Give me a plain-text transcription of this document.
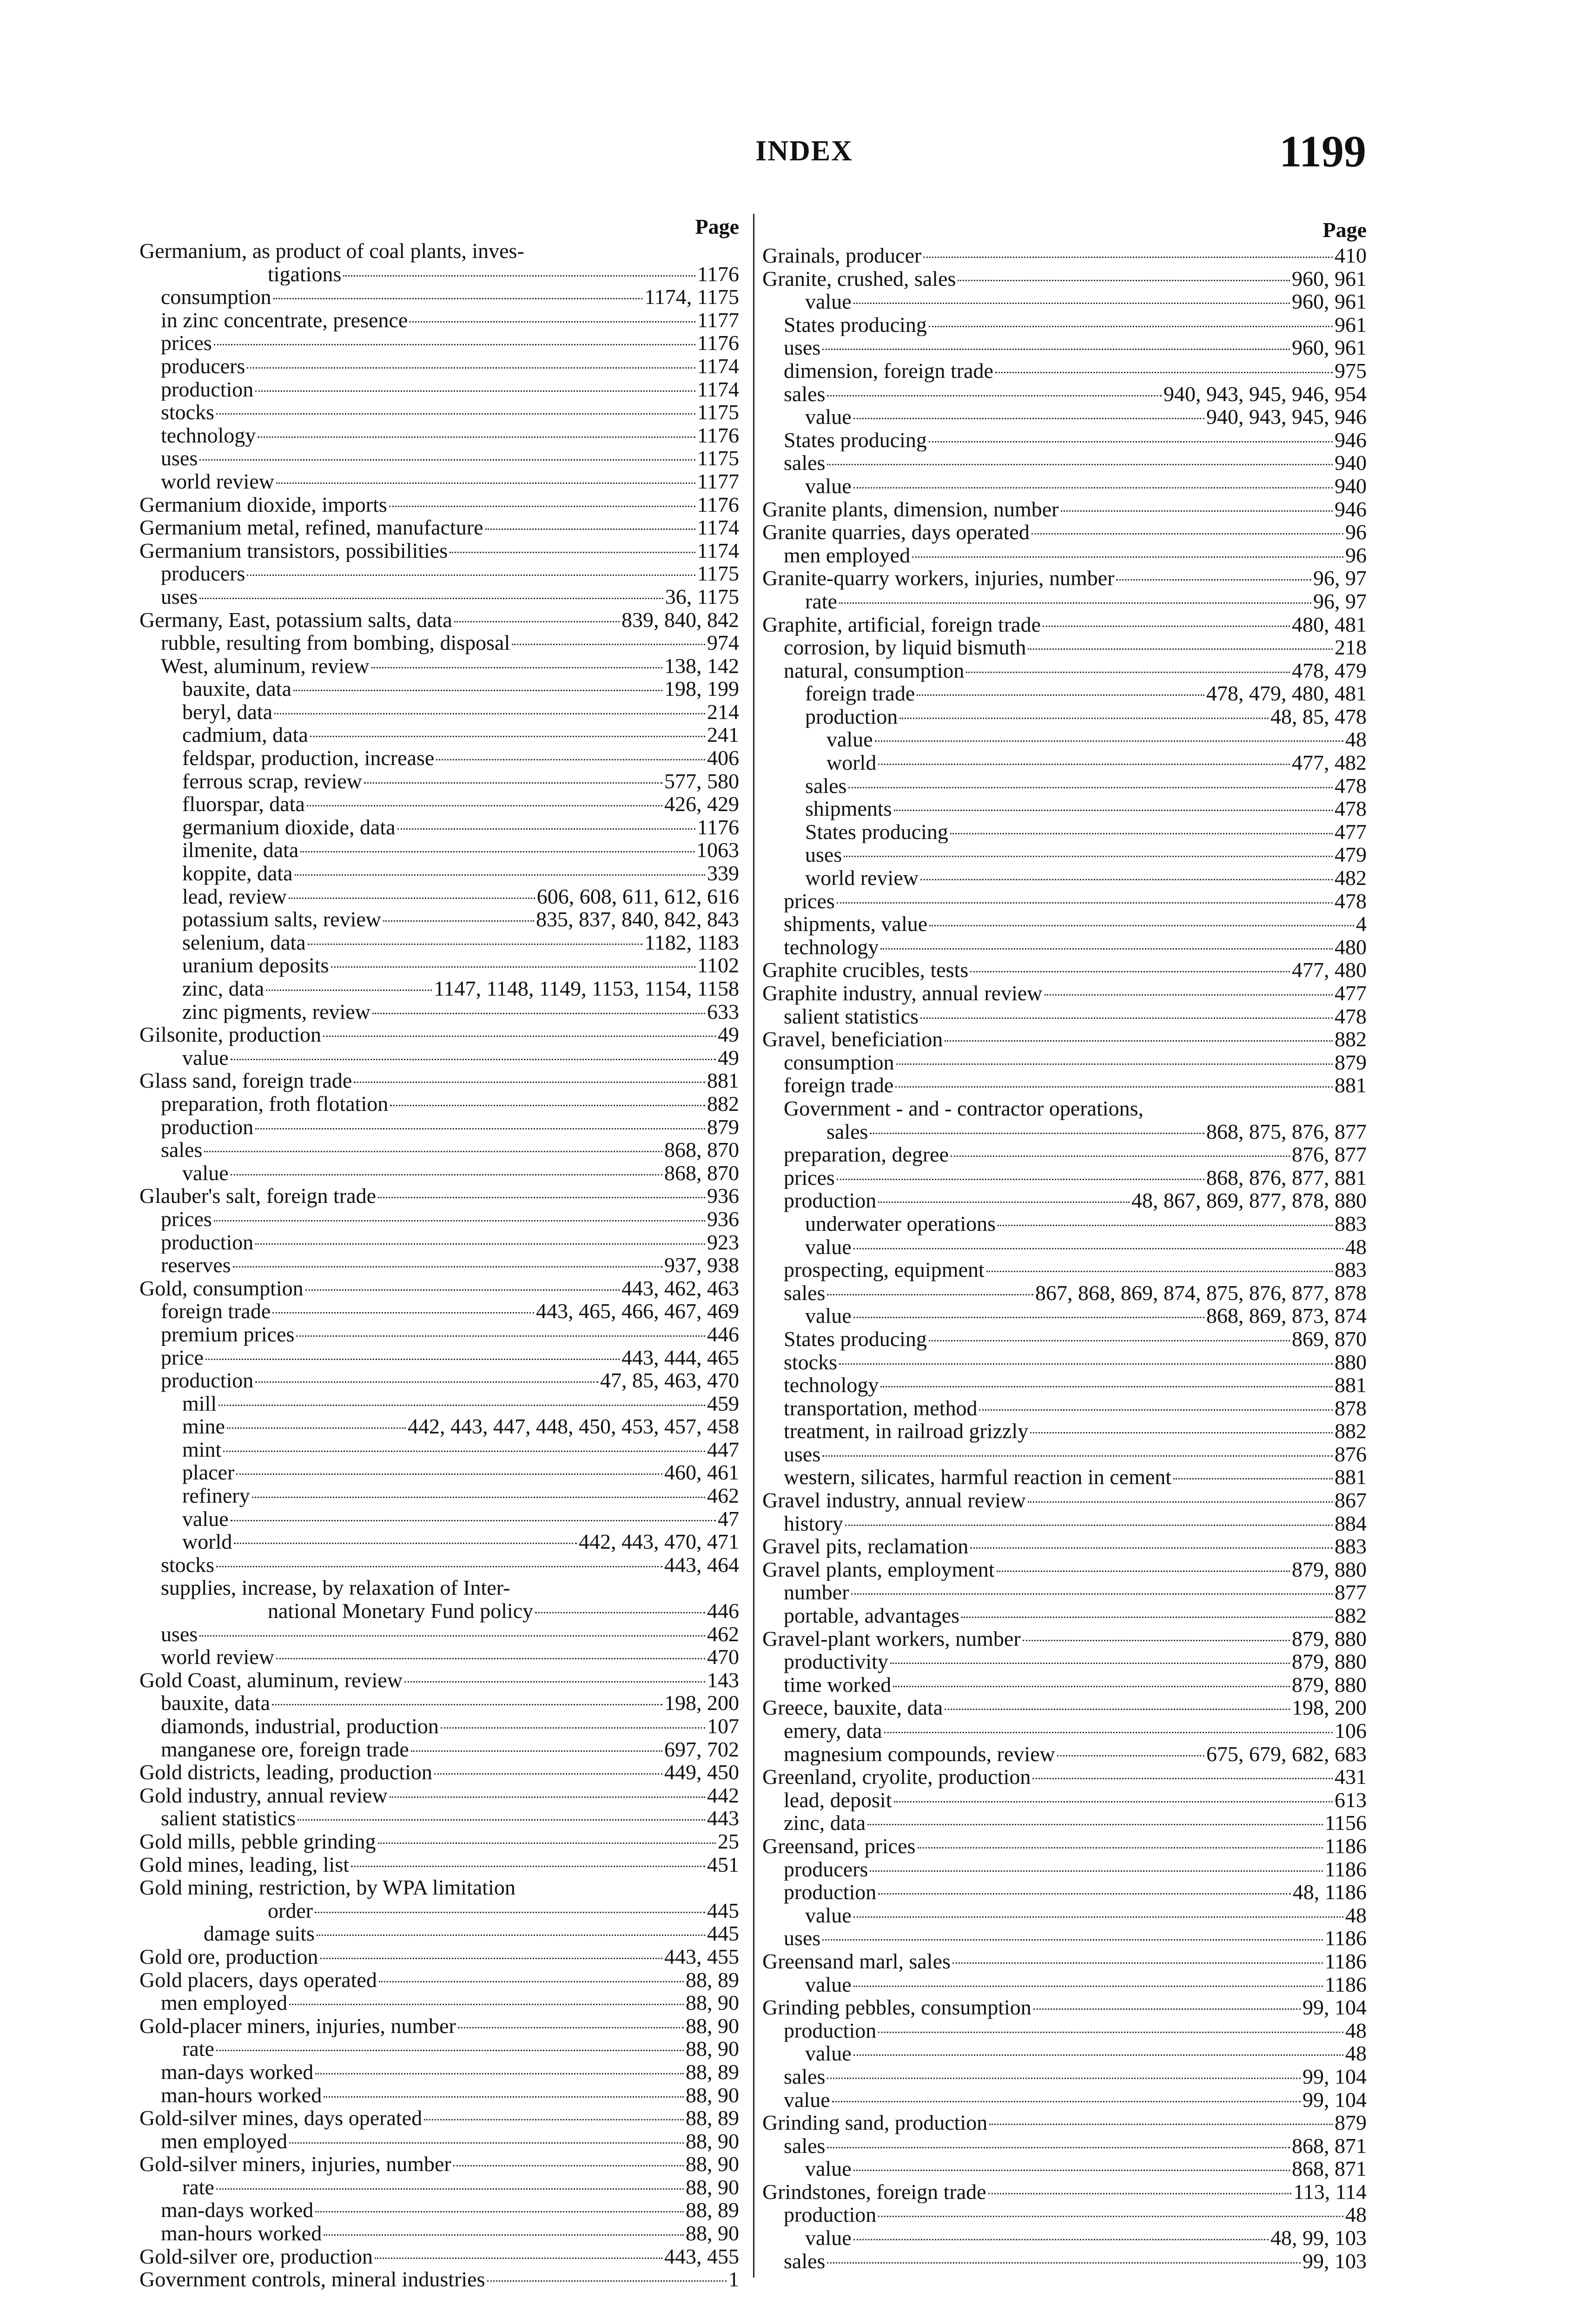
INDEX	1199
Page
Germanium, as product of coal plants, inves-
tigations	1176
consumption	1174, 1175
in zinc concentrate, presence	1177
prices	1176
producers	1174
production	1174
stocks	1175
technology	1176
uses	1175
world review	1177
Germanium dioxide, imports	1176
Germanium metal, refined, manufacture	1174
Germanium transistors, possibilities	1174
producers	1175
uses	36, 1175
Germany, East, potassium salts, data	839, 840, 842
rubble, resulting from bombing, disposal	974
West, aluminum, review	138, 142
bauxite, data	198, 199
beryl, data	214
cadmium, data	241
feldspar, production, increase	406
ferrous scrap, review	577, 580
fluorspar, data	426, 429
germanium dioxide, data	1176
ilmenite, data	1063
koppite, data	339
lead, review	606, 608, 611, 612, 616
potassium salts, review	835, 837, 840, 842, 843
selenium, data	1182, 1183
uranium deposits	1102
zinc, data	1147, 1148, 1149, 1153, 1154, 1158
zinc pigments, review	633
Gilsonite, production	49
value	49
Glass sand, foreign trade	881
preparation, froth flotation	882
production	879
sales	868, 870
value	868, 870
Glauber's salt, foreign trade	936
prices	936
production	923
reserves	937, 938
Gold, consumption	443, 462, 463
foreign trade	443, 465, 466, 467, 469
premium prices	446
price	443, 444, 465
production	47, 85, 463, 470
mill	459
mine	442, 443, 447, 448, 450, 453, 457, 458
mint	447
placer	460, 461
refinery	462
value	47
world	442, 443, 470, 471
stocks	443, 464
supplies, increase, by relaxation of Inter-
national Monetary Fund policy	446
uses	462
world review	470
Gold Coast, aluminum, review	143
bauxite, data	198, 200
diamonds, industrial, production	107
manganese ore, foreign trade	697, 702
Gold districts, leading, production	449, 450
Gold industry, annual review	442
salient statistics	443
Gold mills, pebble grinding	25
Gold mines, leading, list	451
Gold mining, restriction, by WPA limitation
order	445
damage suits	445
Gold ore, production	443, 455
Gold placers, days operated	88, 89
men employed	88, 90
Gold-placer miners, injuries, number	88, 90
rate	88, 90
man-days worked	88, 89
man-hours worked	88, 90
Gold-silver mines, days operated	88, 89
men employed	88, 90
Gold-silver miners, injuries, number	88, 90
rate	88, 90
man-days worked	88, 89
man-hours worked	88, 90
Gold-silver ore, production	443, 455
Government controls, mineral industries	1
Page
Grainals, producer	410
Granite, crushed, sales	960, 961
value	960, 961
States producing	961
uses	960, 961
dimension, foreign trade	975
sales	940, 943, 945, 946, 954
value	940, 943, 945, 946
States producing	946
sales	940
value	940
Granite plants, dimension, number	946
Granite quarries, days operated	96
men employed	96
Granite-quarry workers, injuries, number	96, 97
rate	96, 97
Graphite, artificial, foreign trade	480, 481
corrosion, by liquid bismuth	218
natural, consumption	478, 479
foreign trade	478, 479, 480, 481
production	48, 85, 478
value	48
world	477, 482
sales	478
shipments	478
States producing	477
uses	479
world review	482
prices	478
shipments, value	4
technology	480
Graphite crucibles, tests	477, 480
Graphite industry, annual review	477
salient statistics	478
Gravel, beneficiation	882
consumption	879
foreign trade	881
Government - and - contractor operations,
sales	868, 875, 876, 877
preparation, degree	876, 877
prices	868, 876, 877, 881
production	48, 867, 869, 877, 878, 880
underwater operations	883
value	48
prospecting, equipment	883
sales	867, 868, 869, 874, 875, 876, 877, 878
value	868, 869, 873, 874
States producing	869, 870
stocks	880
technology	881
transportation, method	878
treatment, in railroad grizzly	882
uses	876
western, silicates, harmful reaction in cement	881
Gravel industry, annual review	867
history	884
Gravel pits, reclamation	883
Gravel plants, employment	879, 880
number	877
portable, advantages	882
Gravel-plant workers, number	879, 880
productivity	879, 880
time worked	879, 880
Greece, bauxite, data	198, 200
emery, data	106
magnesium compounds, review	675, 679, 682, 683
Greenland, cryolite, production	431
lead, deposit	613
zinc, data	1156
Greensand, prices	1186
producers	1186
production	48, 1186
value	48
uses	1186
Greensand marl, sales	1186
value	1186
Grinding pebbles, consumption	99, 104
production	48
value	48
sales	99, 104
value	99, 104
Grinding sand, production	879
sales	868, 871
value	868, 871
Grindstones, foreign trade	113, 114
production	48
value	48, 99, 103
sales	99, 103
